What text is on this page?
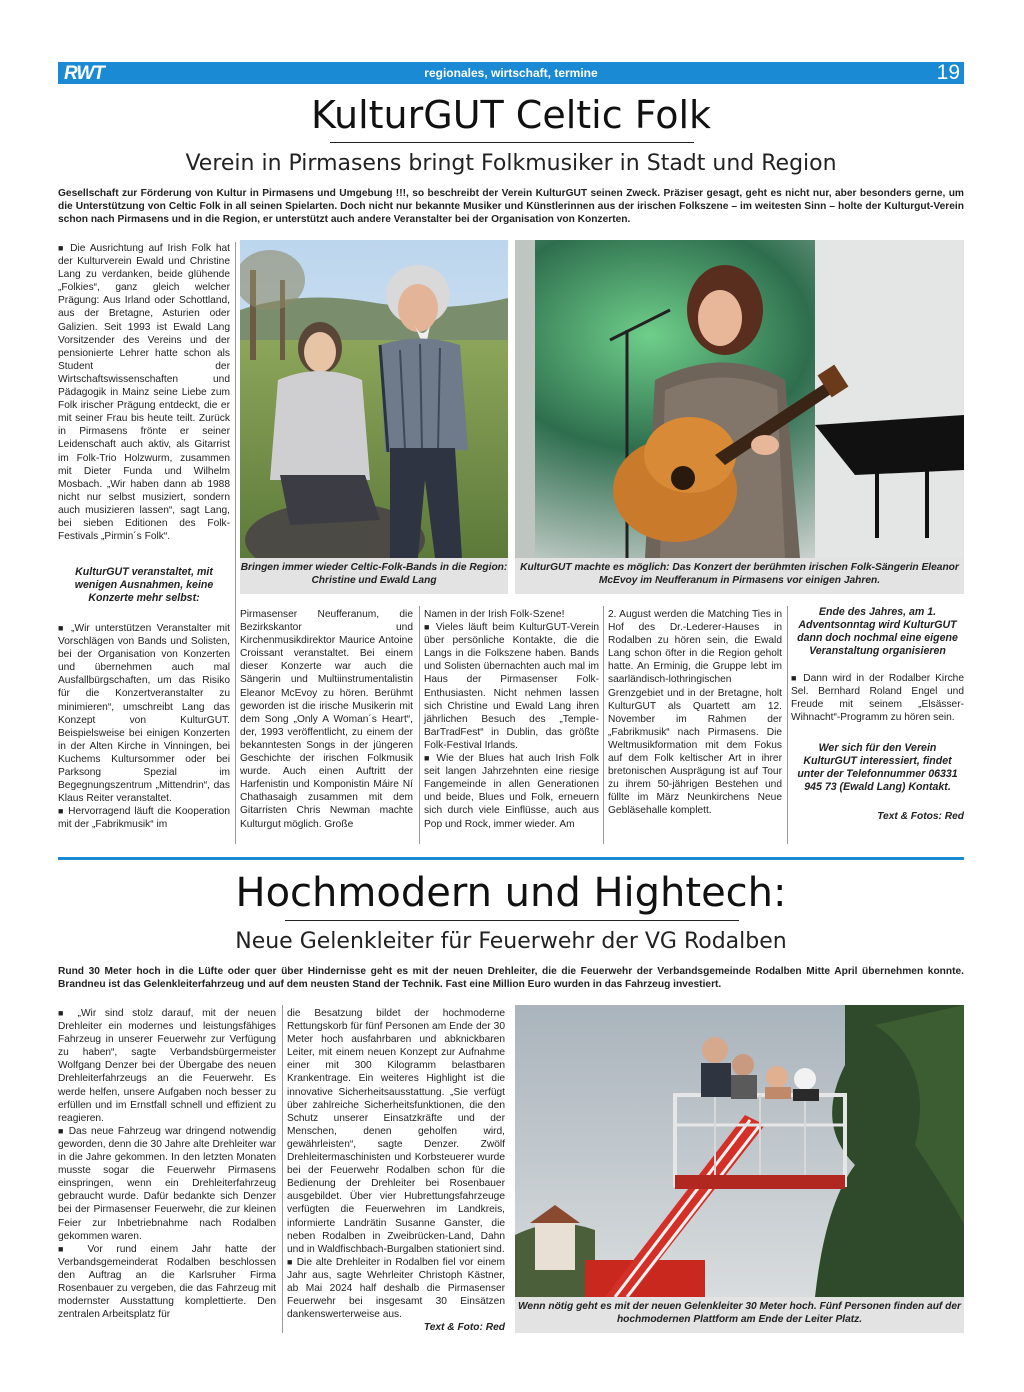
RWT	regionales, wirtschaft, termine	19
KulturGUT Celtic Folk
Verein in Pirmasens bringt Folkmusiker in Stadt und Region
Gesellschaft zur Förderung von Kultur in Pirmasens und Umgebung !!!, so beschreibt der Verein KulturGUT seinen Zweck. Präziser gesagt, geht es nicht nur, aber besonders gerne, um die Unterstützung von Celtic Folk in all seinen Spielarten. Doch nicht nur bekannte Musiker und Künstlerinnen aus der irischen Folkszene – im weitesten Sinn – holte der Kulturgut-Verein schon nach Pirmasens und in die Region, er unterstützt auch andere Veranstalter bei der Organisation von Konzerten.

■ Die Ausrichtung auf Irish Folk hat der Kulturverein Ewald und Christine Lang zu verdanken, beide glühende „Folkies“, ganz gleich welcher Prägung: Aus Irland oder Schottland, aus der Bretagne, Asturien oder Galizien. Seit 1993 ist Ewald Lang Vorsitzender des Vereins und der pensionierte Lehrer hatte schon als Student der Wirtschaftswissenschaften und Pädagogik in Mainz seine Liebe zum Folk irischer Prägung entdeckt, die er mit seiner Frau bis heute teilt. Zurück in Pirmasens frönte er seiner Leidenschaft auch aktiv, als Gitarrist im Folk-Trio Holzwurm, zusammen mit Dieter Funda und Wilhelm Mosbach. „Wir haben dann ab 1988 nicht nur selbst musiziert, sondern auch musizieren lassen“, sagt Lang, bei sieben Editionen des Folk-Festivals „Pirmin´s Folk“.

KulturGUT veranstaltet, mit wenigen Ausnahmen, keine Konzerte mehr selbst:

■ „Wir unterstützen Veranstalter mit Vorschlägen von Bands und Solisten, bei der Organisation von Konzerten und übernehmen auch mal Ausfallbürgschaften, um das Risiko für die Konzertveranstalter zu minimieren“, umschreibt Lang das Konzept von KulturGUT. Beispielsweise bei einigen Konzerten in der Alten Kirche in Vinningen, bei Kuchems Kultursommer oder bei Parksong Spezial im Begegnungszentrum „Mittendrin“, das Klaus Reiter veranstaltet.

■ Hervorragend läuft die Kooperation mit der „Fabrikmusik“ im

Bringen immer wieder Celtic-Folk-Bands in die Region: Christine und Ewald Lang
KulturGUT machte es möglich: Das Konzert der berühmten irischen Folk-Sängerin Eleanor McEvoy im Neufferanum in Pirmasens vor einigen Jahren.

Pirmasenser Neufferanum, die Bezirkskantor und Kirchenmusikdirektor Maurice Antoine Croissant veranstaltet. Bei einem dieser Konzerte war auch die Sängerin und Multiinstrumentalistin Eleanor McEvoy zu hören. Berühmt geworden ist die irische Musikerin mit dem Song „Only A Woman´s Heart“, der, 1993 veröffentlicht, zu einem der bekanntesten Songs in der jüngeren Geschichte der irischen Folkmusik wurde. Auch einen Auftritt der Harfenistin und Komponistin Máire Ní Chathasaigh zusammen mit dem Gitarristen Chris Newman machte Kulturgut möglich. Große

Namen in der Irish Folk-Szene!

■ Vieles läuft beim KulturGUT-Verein über persönliche Kontakte, die die Langs in die Folkszene haben. Bands und Solisten übernachten auch mal im Haus der Pirmasenser Folk-Enthusiasten. Nicht nehmen lassen sich Christine und Ewald Lang ihren jährlichen Besuch des „Temple-BarTradFest“ in Dublin, das größte Folk-Festival Irlands.

■ Wie der Blues hat auch Irish Folk seit langen Jahrzehnten eine riesige Fangemeinde in allen Generationen und beide, Blues und Folk, erneuern sich durch viele Einflüsse, auch aus Pop und Rock, immer wieder. Am

2. August werden die Matching Ties in Hof des Dr.-Lederer-Hauses in Rodalben zu hören sein, die Ewald Lang schon öfter in die Region geholt hatte. An Erminig, die Gruppe lebt im saarländisch-lothringischen Grenzgebiet und in der Bretagne, holt KulturGUT als Quartett am 12. November im Rahmen der „Fabrikmusik“ nach Pirmasens. Die Weltmusikformation mit dem Fokus auf dem Folk keltischer Art in ihrer bretonischen Ausprägung ist auf Tour zu ihrem 50-jährigen Bestehen und füllte im März Neunkirchens Neue Gebläsehalle komplett.

Ende des Jahres, am 1. Adventsonntag wird KulturGUT dann doch nochmal eine eigene Veranstaltung organisieren

■ Dann wird in der Rodalber Kirche Sel. Bernhard Roland Engel und Freude mit seinem „Elsässer-Wihnacht“-Programm zu hören sein.

Wer sich für den Verein KulturGUT interessiert, findet unter der Telefonnummer 06331 945 73 (Ewald Lang) Kontakt.

Text & Fotos: Red

Hochmodern und Hightech:
Neue Gelenkleiter für Feuerwehr der VG Rodalben
Rund 30 Meter hoch in die Lüfte oder quer über Hindernisse geht es mit der neuen Drehleiter, die die Feuerwehr der Verbandsgemeinde Rodalben Mitte April übernehmen konnte. Brandneu ist das Gelenkleiterfahrzeug und auf dem neusten Stand der Technik. Fast eine Million Euro wurden in das Fahrzeug investiert.

■ „Wir sind stolz darauf, mit der neuen Drehleiter ein modernes und leistungsfähiges Fahrzeug in unserer Feuerwehr zur Verfügung zu haben“, sagte Verbandsbürgermeister Wolfgang Denzer bei der Übergabe des neuen Drehleiterfahrzeugs an die Feuerwehr. Es werde helfen, unsere Aufgaben noch besser zu erfüllen und im Ernstfall schnell und effizient zu reagieren.

■ Das neue Fahrzeug war dringend notwendig geworden, denn die 30 Jahre alte Drehleiter war in die Jahre gekommen. In den letzten Monaten musste sogar die Feuerwehr Pirmasens einspringen, wenn ein Drehleiterfahrzeug gebraucht wurde. Dafür bedankte sich Denzer bei der Pirmasenser Feuerwehr, die zur kleinen Feier zur Inbetriebnahme nach Rodalben gekommen waren.

■ Vor rund einem Jahr hatte der Verbandsgemeinderat Rodalben beschlossen den Auftrag an die Karlsruher Firma Rosenbauer zu vergeben, die das Fahrzeug mit modernster Ausstattung komplettierte. Den zentralen Arbeitsplatz für

die Besatzung bildet der hochmoderne Rettungskorb für fünf Personen am Ende der 30 Meter hoch ausfahrbaren und abknickbaren Leiter, mit einem neuen Konzept zur Aufnahme einer mit 300 Kilogramm belastbaren Krankentrage. Ein weiteres Highlight ist die innovative Sicherheitsausstattung. „Sie verfügt über zahlreiche Sicherheitsfunktionen, die den Schutz unserer Einsatzkräfte und der Menschen, denen geholfen wird, gewährleisten“, sagte Denzer. Zwölf Drehleitermaschinisten und Korbsteuerer wurde bei der Feuerwehr Rodalben schon für die Bedienung der Drehleiter bei Rosenbauer ausgebildet. Über vier Hubrettungsfahrzeuge verfügten die Feuerwehren im Landkreis, informierte Landrätin Susanne Ganster, die neben Rodalben in Zweibrücken-Land, Dahn und in Waldfischbach-Burgalben stationiert sind.

■ Die alte Drehleiter in Rodalben fiel vor einem Jahr aus, sagte Wehrleiter Christoph Kästner, ab Mai 2024 half deshalb die Pirmasenser Feuerwehr bei insgesamt 30 Einsätzen dankenswerterweise aus.

Text & Foto: Red

Wenn nötig geht es mit der neuen Gelenkleiter 30 Meter hoch. Fünf Personen finden auf der hochmodernen Plattform am Ende der Leiter Platz.
